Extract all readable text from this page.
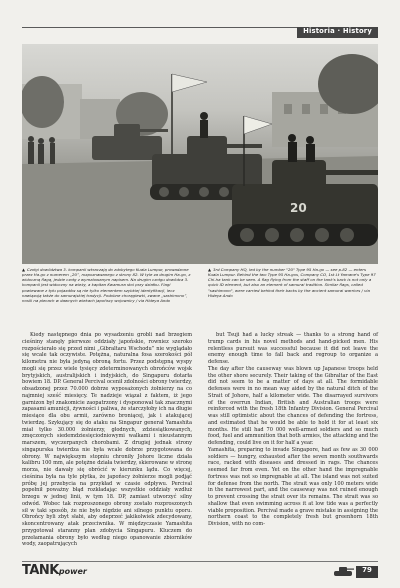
Historia · History
20
▲ Czołgi dowództwa 3. kompanii wkraczają do zdobytego Kuala Lumpur, prowadzone przez Ha-go z numerem „20”, rozpoznawanego z strony 82. W tyle za drugim Ha-go, z widoczną flagą, jedzie czołg z wymalowanym napisem. Na drugim czołgu dowódca 3. kompanii jest widoczny na wieży, a kapitan Kwamura stoi przy działku. Flagi powiewane z tyłu pojazdów są nie tylko elementem szybkiej identyfikacji, lecz nawiązują także do samurajskiej tradycji. Podobne chorągiewki, zwane „sashimono”, nosili na plecach w dawnych wiekach japońscy wojownicy / via Hideya Ando
▲ 3rd Company HQ, led by the number "20" Type 95 Ha-go — see p.82 — enters Kuala Lumpur. Behind the two Type 95 Ha-gos, Company CO, 1st Lt Yamane's Type 97 Chi-ha tank can be seen. A flag flying from the staff on the tank's back is not only a quick ID element, but also an element of samurai tradition. Similar flags, called "sashimono", were carried behind their backs by the ancient samurai warriors / via Hideya Ando
Kiedy następnego dnia po wysadzeniu grobli nad brzegiem cieśniny stanęły pierwsze oddziały japońskie, rowniez szeroko rozpościerało się przed nimi „Gibraltaru Wschodu” nie wyglądało się wcale tak oczywiste. Potężna, naturalna fosa szerokości pół kilometra nie była jedyną obroną fortu. Przez podstępną wyspy mogli się przez wiele tysięcy zdeterminowanych obrońców wojsk brytyjskich, australijskich i indyjskich, do Singapuru dotarła bowiem 18. DP. Generał Percival ocenił zdolności obrony twierdzy, obsadzonej przez 70.000 dobrze wyposażonych żołnierzy na co najmniej sześć miesięcy. Te nadzieje wiązał z faktem, iż jego garnizon był znakomicie zaopatrzony i dysponował tak znacznymi zapasami amunicji, żywności i paliwa, że starczyłoby ich na długie miesiące dla obu armii, zarówno broniącej, jak i atakującej twierdzę. Szykujący się do ataku na Singapur generał Yamashita miał tylko 30.000 żołnierzy, głodnych, zdziesiątkowanych, zmęczonych siedemdziesięciodniowymi walkami i nieustannym marszem, wyczerpanych chorobami. Z drugiej jednak strony singapurska twierdza nie była wcale dobrze przygotowana do obrony. W największym stopniu chroniły Johore liczne działa kalibru 100 mm, ale potężne działa twierdzy, skierowane w stronę morza, nie dawały się obrócić w kierunku lądu. Co więcej, cieśnina była na tyle płytka, że japońscy żołnierze mogli podjąć próbę jej przebycia na przykład w czasie odpływu. Percival popełnił poważny błąd rozkładając wszystkie oddziały wzdłuż brzegu w jednej linii, w tym 18. DP, zamiast utworzyć silny odwód. Wobec tak rozproszonego obrony zostało rozproszonych sił w taki sposób, że nie było nigdzie ani silnego punktu oporu. Obrońcy byli zbyt słabi, aby odeprzeć jakikolwiek zdecydowany, skoncentrowany atak przeciwnika. W międzyczasie Yamashita przygotował staranny plan zdobycia Singapuru. Kluczem do przełamania obrony było według niego opanowanie zbiorników wody, zaopatrujących

but Tsuji had a lucky streak — thanks to a strong hand of trump cards in his novel methods and hand-picked men. His relentless pursuit was successful because it did not leave the enemy enough time to fall back and regroup to organize a defense.
The day after the causeway was blown up Japanese troops held the other shore securely. Their taking of the Gibraltar of the East did not seem to be a matter of days at all. The formidable defenses were in no mean way aided by the natural ditch of the Strait of Johore, half a kilometer wide. The disarrayed survivors of the overrun Indian, British and Australian troops were reinforced with the fresh 18th Infantry Division. General Percival was still optimistic about the chances of defending the fortress, and estimated that he would be able to hold it for at least six months. He still had 70 000 well-armed soldiers and so much food, fuel and ammunition that both armies, the attacking and the defending, could live on it for half a year.
Yamashita, preparing to invade Singapore, had as few as 30 000 soldiers — hungry, exhausted after the seven month southwards race, racked with diseases and dressed in rags. The chances seemed far from even. Yet on the other hand the impregnable fortress was not so impregnable at all. The island was not suited for defense from the north. The strait was only 100 meters wide in the narrowest part, and the causeway was not ruined enough to prevent crossing the strait over its remains. The strait was so shallow that even swimming across it at low tide was a perfectly viable proposition. Percival made a grave mistake in assigning the northern coast to the completely fresh but greenhorn 18th Division, with no com-

TANKpower	79
